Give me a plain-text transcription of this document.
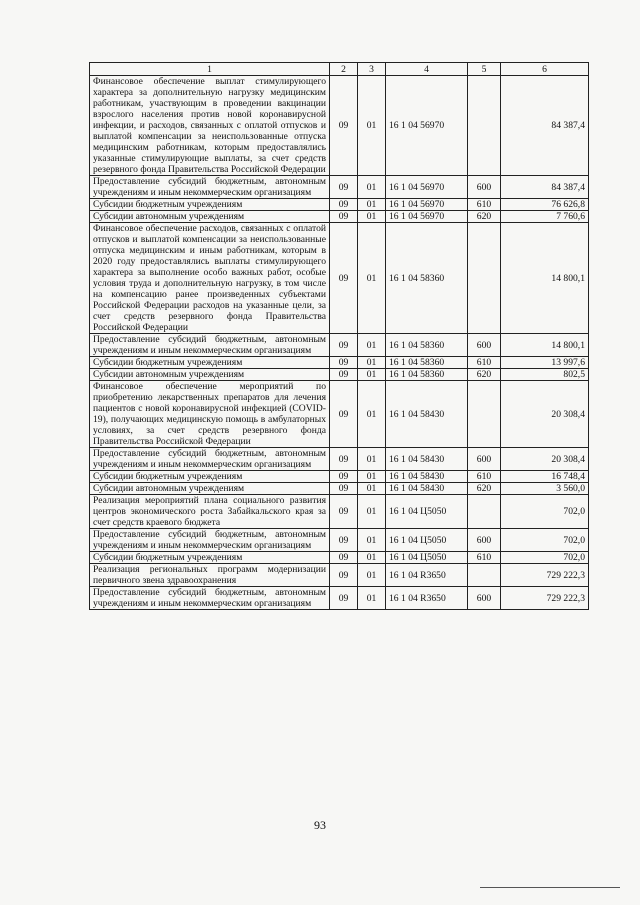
1	2	3	4	5	6
Финансовое обеспечение выплат стимулирующего характера за дополнительную нагрузку медицинским работникам, участвующим в проведении вакцинации взрослого населения против новой коронавирусной инфекции, и расходов, связанных с оплатой отпусков и выплатой компенсации за неиспользованные отпуска медицинским работникам, которым предоставлялись указанные стимулирующие выплаты, за счет средств резервного фонда Правительства Российской Федерации	09	01	16 1 04 56970		84 387,4
Предоставление субсидий бюджетным, автономным учреждениям и иным некоммерческим организациям	09	01	16 1 04 56970	600	84 387,4
Субсидии бюджетным учреждениям	09	01	16 1 04 56970	610	76 626,8
Субсидии автономным учреждениям	09	01	16 1 04 56970	620	7 760,6
Финансовое обеспечение расходов, связанных с оплатой отпусков и выплатой компенсации за неиспользованные отпуска медицинским и иным работникам, которым в 2020 году предоставлялись выплаты стимулирующего характера за выполнение особо важных работ, особые условия труда и дополнительную нагрузку, в том числе на компенсацию ранее произведенных субъектами Российской Федерации расходов на указанные цели, за счет средств резервного фонда Правительства Российской Федерации	09	01	16 1 04 58360		14 800,1
Предоставление субсидий бюджетным, автономным учреждениям и иным некоммерческим организациям	09	01	16 1 04 58360	600	14 800,1
Субсидии бюджетным учреждениям	09	01	16 1 04 58360	610	13 997,6
Субсидии автономным учреждениям	09	01	16 1 04 58360	620	802,5
Финансовое обеспечение мероприятий по приобретению лекарственных препаратов для лечения пациентов с новой коронавирусной инфекцией (COVID-19), получающих медицинскую помощь в амбулаторных условиях, за счет средств резервного фонда Правительства Российской Федерации	09	01	16 1 04 58430		20 308,4
Предоставление субсидий бюджетным, автономным учреждениям и иным некоммерческим организациям	09	01	16 1 04 58430	600	20 308,4
Субсидии бюджетным учреждениям	09	01	16 1 04 58430	610	16 748,4
Субсидии автономным учреждениям	09	01	16 1 04 58430	620	3 560,0
Реализация мероприятий плана социального развития центров экономического роста Забайкальского края за счет средств краевого бюджета	09	01	16 1 04 Ц5050		702,0
Предоставление субсидий бюджетным, автономным учреждениям и иным некоммерческим организациям	09	01	16 1 04 Ц5050	600	702,0
Субсидии бюджетным учреждениям	09	01	16 1 04 Ц5050	610	702,0
Реализация региональных программ модернизации первичного звена здравоохранения	09	01	16 1 04 R3650		729 222,3
Предоставление субсидий бюджетным, автономным учреждениям и иным некоммерческим организациям	09	01	16 1 04 R3650	600	729 222,3
93
